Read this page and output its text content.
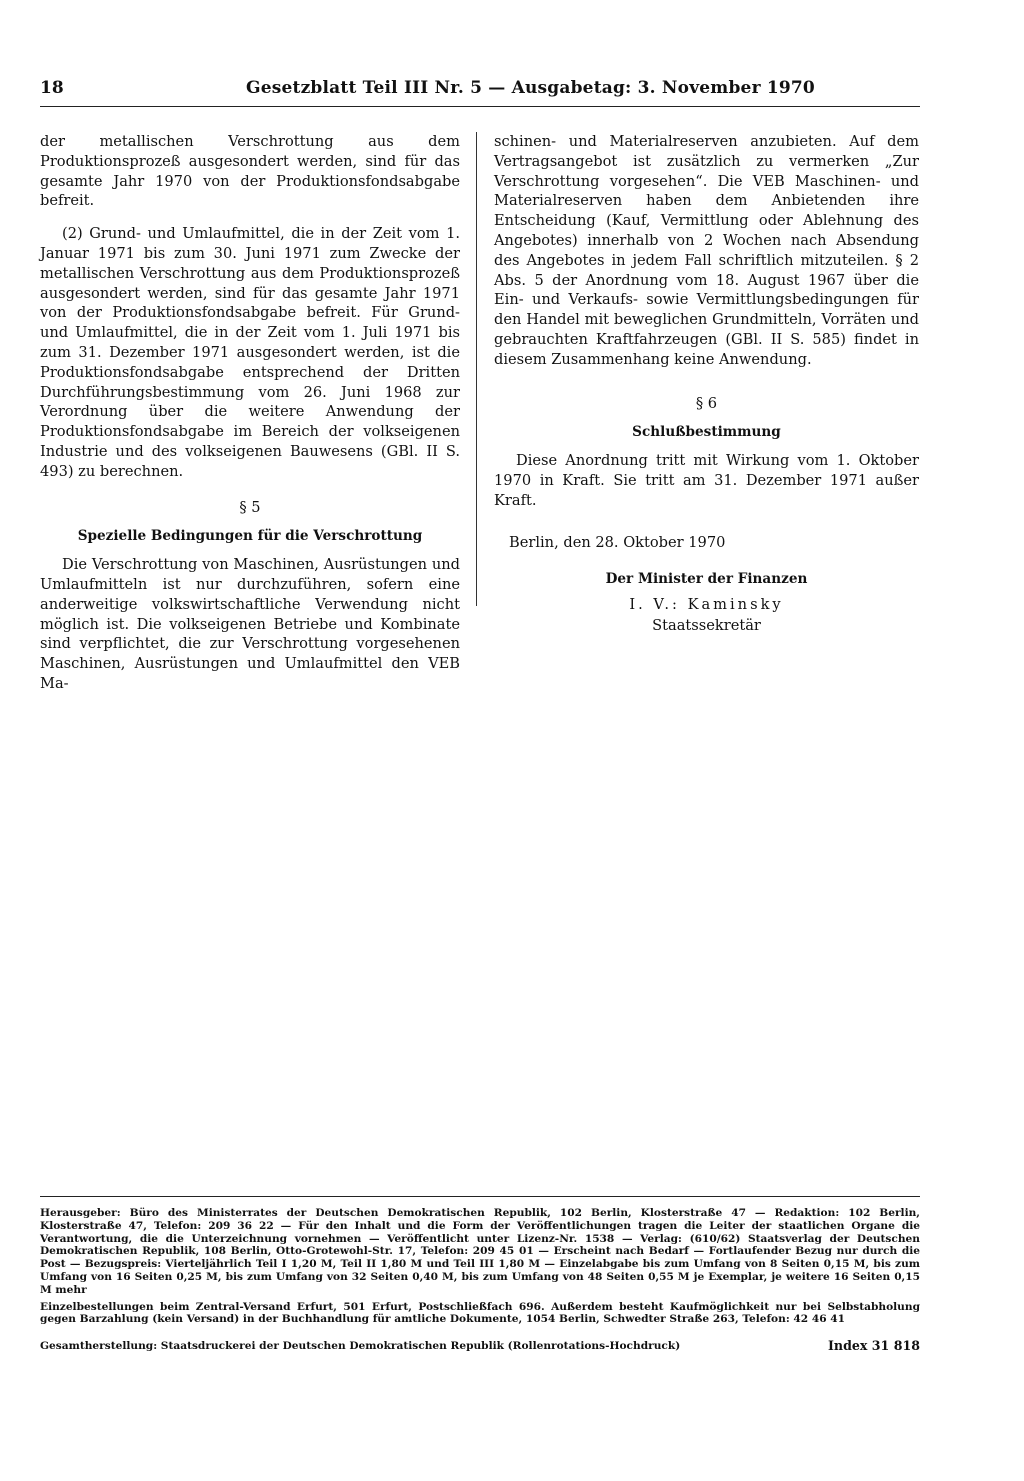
18	Gesetzblatt Teil III Nr. 5 — Ausgabetag: 3. November 1970

der metallischen Verschrottung aus dem Produktionsprozeß ausgesondert werden, sind für das gesamte Jahr 1970 von der Produktionsfondsabgabe befreit.

(2) Grund- und Umlaufmittel, die in der Zeit vom 1. Januar 1971 bis zum 30. Juni 1971 zum Zwecke der metallischen Verschrottung aus dem Produktionsprozeß ausgesondert werden, sind für das gesamte Jahr 1971 von der Produktionsfondsabgabe befreit. Für Grund- und Umlaufmittel, die in der Zeit vom 1. Juli 1971 bis zum 31. Dezember 1971 ausgesondert werden, ist die Produktionsfondsabgabe entsprechend der Dritten Durchführungsbestimmung vom 26. Juni 1968 zur Verordnung über die weitere Anwendung der Produktionsfondsabgabe im Bereich der volkseigenen Industrie und des volkseigenen Bauwesens (GBl. II S. 493) zu berechnen.

§ 5

Spezielle Bedingungen für die Verschrottung

Die Verschrottung von Maschinen, Ausrüstungen und Umlaufmitteln ist nur durchzuführen, sofern eine anderweitige volkswirtschaftliche Verwendung nicht möglich ist. Die volkseigenen Betriebe und Kombinate sind verpflichtet, die zur Verschrottung vorgesehenen Maschinen, Ausrüstungen und Umlaufmittel den VEB Ma-

schinen- und Materialreserven anzubieten. Auf dem Vertragsangebot ist zusätzlich zu vermerken „Zur Verschrottung vorgesehen“. Die VEB Maschinen- und Materialreserven haben dem Anbietenden ihre Entscheidung (Kauf, Vermittlung oder Ablehnung des Angebotes) innerhalb von 2 Wochen nach Absendung des Angebotes in jedem Fall schriftlich mitzuteilen. § 2 Abs. 5 der Anordnung vom 18. August 1967 über die Ein- und Verkaufs- sowie Vermittlungsbedingungen für den Handel mit beweglichen Grundmitteln, Vorräten und gebrauchten Kraftfahrzeugen (GBl. II S. 585) findet in diesem Zusammenhang keine Anwendung.

§ 6

Schlußbestimmung

Diese Anordnung tritt mit Wirkung vom 1. Oktober 1970 in Kraft. Sie tritt am 31. Dezember 1971 außer Kraft.

Berlin, den 28. Oktober 1970

Der Minister der Finanzen

I. V.: Kaminsky

Staatssekretär

Herausgeber: Büro des Ministerrates der Deutschen Demokratischen Republik, 102 Berlin, Klosterstraße 47 — Redaktion: 102 Berlin, Klosterstraße 47, Telefon: 209 36 22 — Für den Inhalt und die Form der Veröffentlichungen tragen die Leiter der staatlichen Organe die Verantwortung, die die Unterzeichnung vornehmen — Veröffentlicht unter Lizenz-Nr. 1538 — Verlag: (610/62) Staatsverlag der Deutschen Demokratischen Republik, 108 Berlin, Otto-Grotewohl-Str. 17, Telefon: 209 45 01 — Erscheint nach Bedarf — Fortlaufender Bezug nur durch die Post — Bezugspreis: Vierteljährlich Teil I 1,20 M, Teil II 1,80 M und Teil III 1,80 M — Einzelabgabe bis zum Umfang von 8 Seiten 0,15 M, bis zum Umfang von 16 Seiten 0,25 M, bis zum Umfang von 32 Seiten 0,40 M, bis zum Umfang von 48 Seiten 0,55 M je Exemplar, je weitere 16 Seiten 0,15 M mehr

Einzelbestellungen beim Zentral-Versand Erfurt, 501 Erfurt, Postschließfach 696. Außerdem besteht Kaufmöglichkeit nur bei Selbstabholung gegen Barzahlung (kein Versand) in der Buchhandlung für amtliche Dokumente, 1054 Berlin, Schwedter Straße 263, Telefon: 42 46 41

Gesamtherstellung: Staatsdruckerei der Deutschen Demokratischen Republik (Rollenrotations-Hochdruck)	Index 31 818
